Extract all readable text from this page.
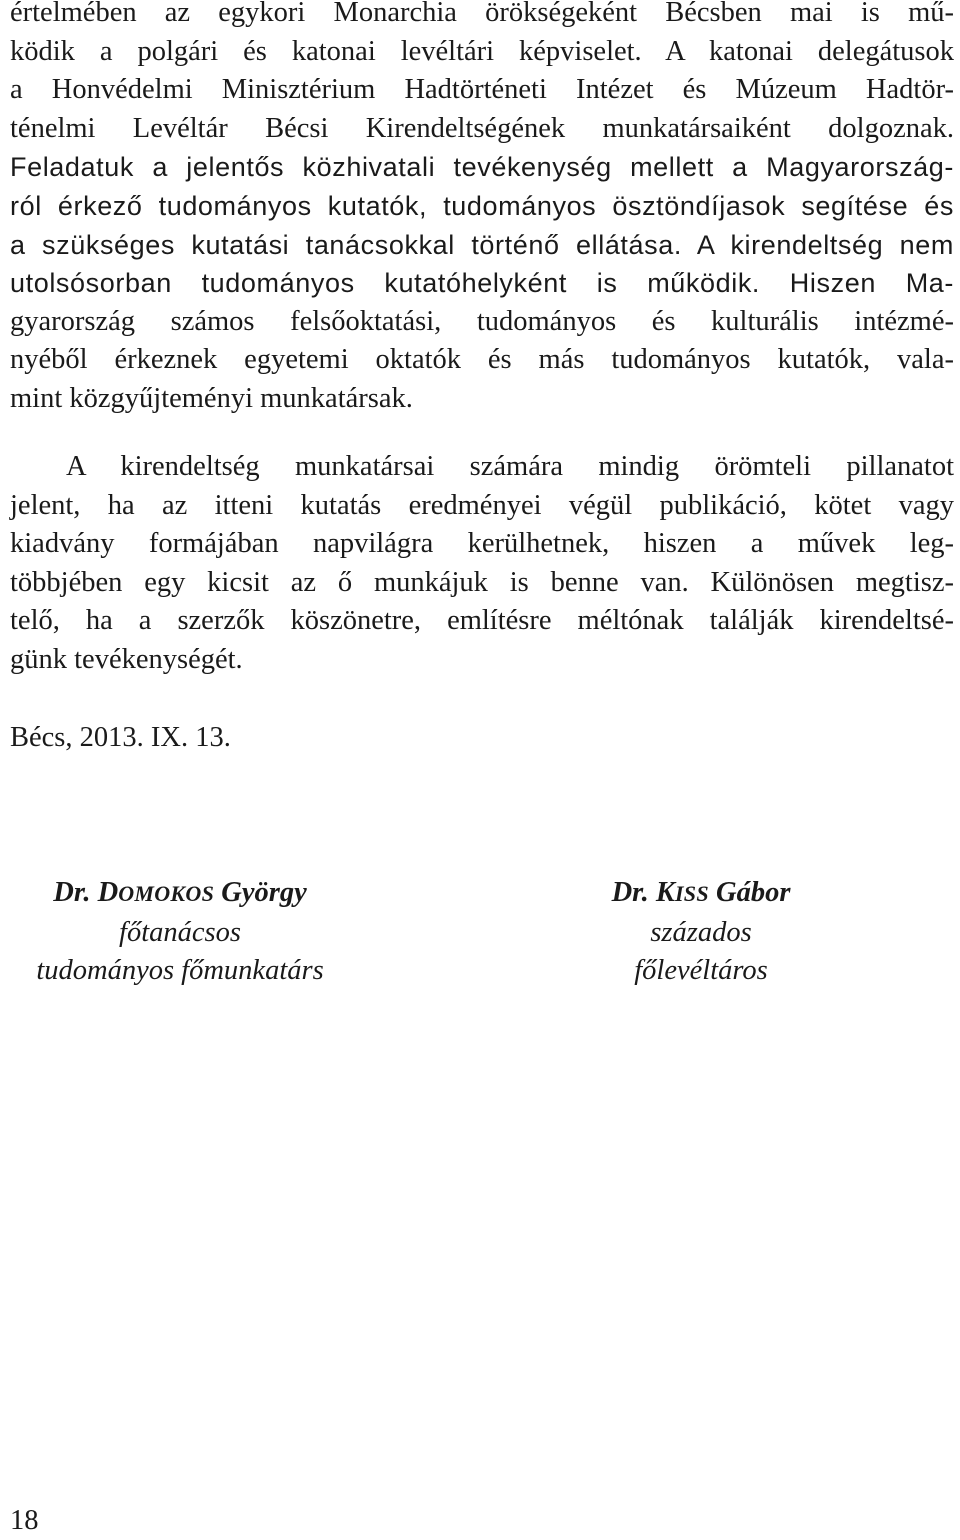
értelmében az egykori Monarchia örökségeként Bécsben mai is mű-
ködik a polgári és katonai levéltári képviselet. A katonai delegátusok
a Honvédelmi Minisztérium Hadtörténeti Intézet és Múzeum Hadtör-
ténelmi Levéltár Bécsi Kirendeltségének munkatársaiként dolgoznak.
Feladatuk a jelentős közhivatali tevékenység mellett a Magyarország-
ról érkező tudományos kutatók, tudományos ösztöndíjasok segítése és
a szükséges kutatási tanácsokkal történő ellátása. A kirendeltség nem
utolsósorban tudományos kutatóhelyként is működik. Hiszen Ma-
gyarország számos felsőoktatási, tudományos és kulturális intézmé-
nyéből érkeznek egyetemi oktatók és más tudományos kutatók, vala-
mint közgyűjteményi munkatársak.
A kirendeltség munkatársai számára mindig örömteli pillanatot
jelent, ha az itteni kutatás eredményei végül publikáció, kötet vagy
kiadvány formájában napvilágra kerülhetnek, hiszen a művek leg-
többjében egy kicsit az ő munkájuk is benne van. Különösen megtisz-
telő, ha a szerzők köszönetre, említésre méltónak találják kirendeltsé-
günk tevékenységét.

Bécs, 2013. IX. 13.

Dr. DOMOKOS György
főtanácsos
tudományos főmunkatárs
Dr. KISS Gábor
százados
főlevéltáros
18
